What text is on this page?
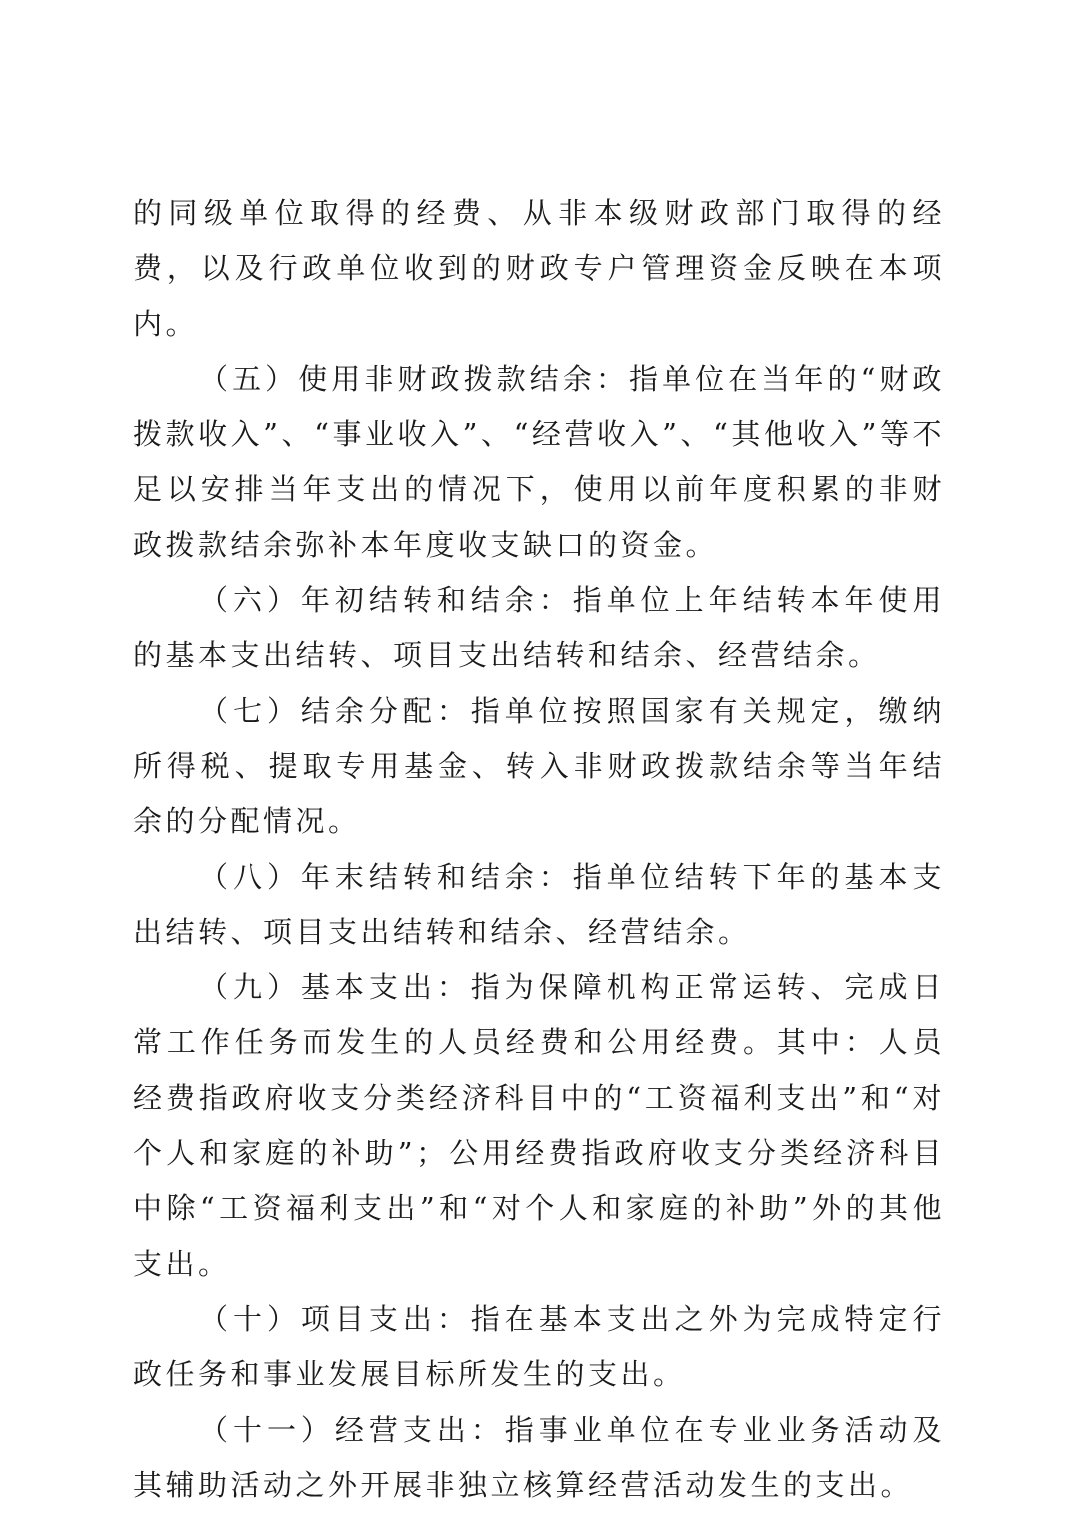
的同级单位取得的经费、从非本级财政部门取得的经费，以及行政单位收到的财政专户管理资金反映在本项内。

（五）使用非财政拨款结余：指单位在当年的“财政拨款收入”、“事业收入”、“经营收入”、“其他收入”等不足以安排当年支出的情况下，使用以前年度积累的非财政拨款结余弥补本年度收支缺口的资金。

（六）年初结转和结余：指单位上年结转本年使用的基本支出结转、项目支出结转和结余、经营结余。

（七）结余分配：指单位按照国家有关规定，缴纳所得税、提取专用基金、转入非财政拨款结余等当年结余的分配情况。

（八）年末结转和结余：指单位结转下年的基本支出结转、项目支出结转和结余、经营结余。

（九）基本支出：指为保障机构正常运转、完成日常工作任务而发生的人员经费和公用经费。其中：人员经费指政府收支分类经济科目中的“工资福利支出”和“对个人和家庭的补助”；公用经费指政府收支分类经济科目中除“工资福利支出”和“对个人和家庭的补助”外的其他支出。

（十）项目支出：指在基本支出之外为完成特定行政任务和事业发展目标所发生的支出。

（十一）经营支出：指事业单位在专业业务活动及其辅助活动之外开展非独立核算经营活动发生的支出。
